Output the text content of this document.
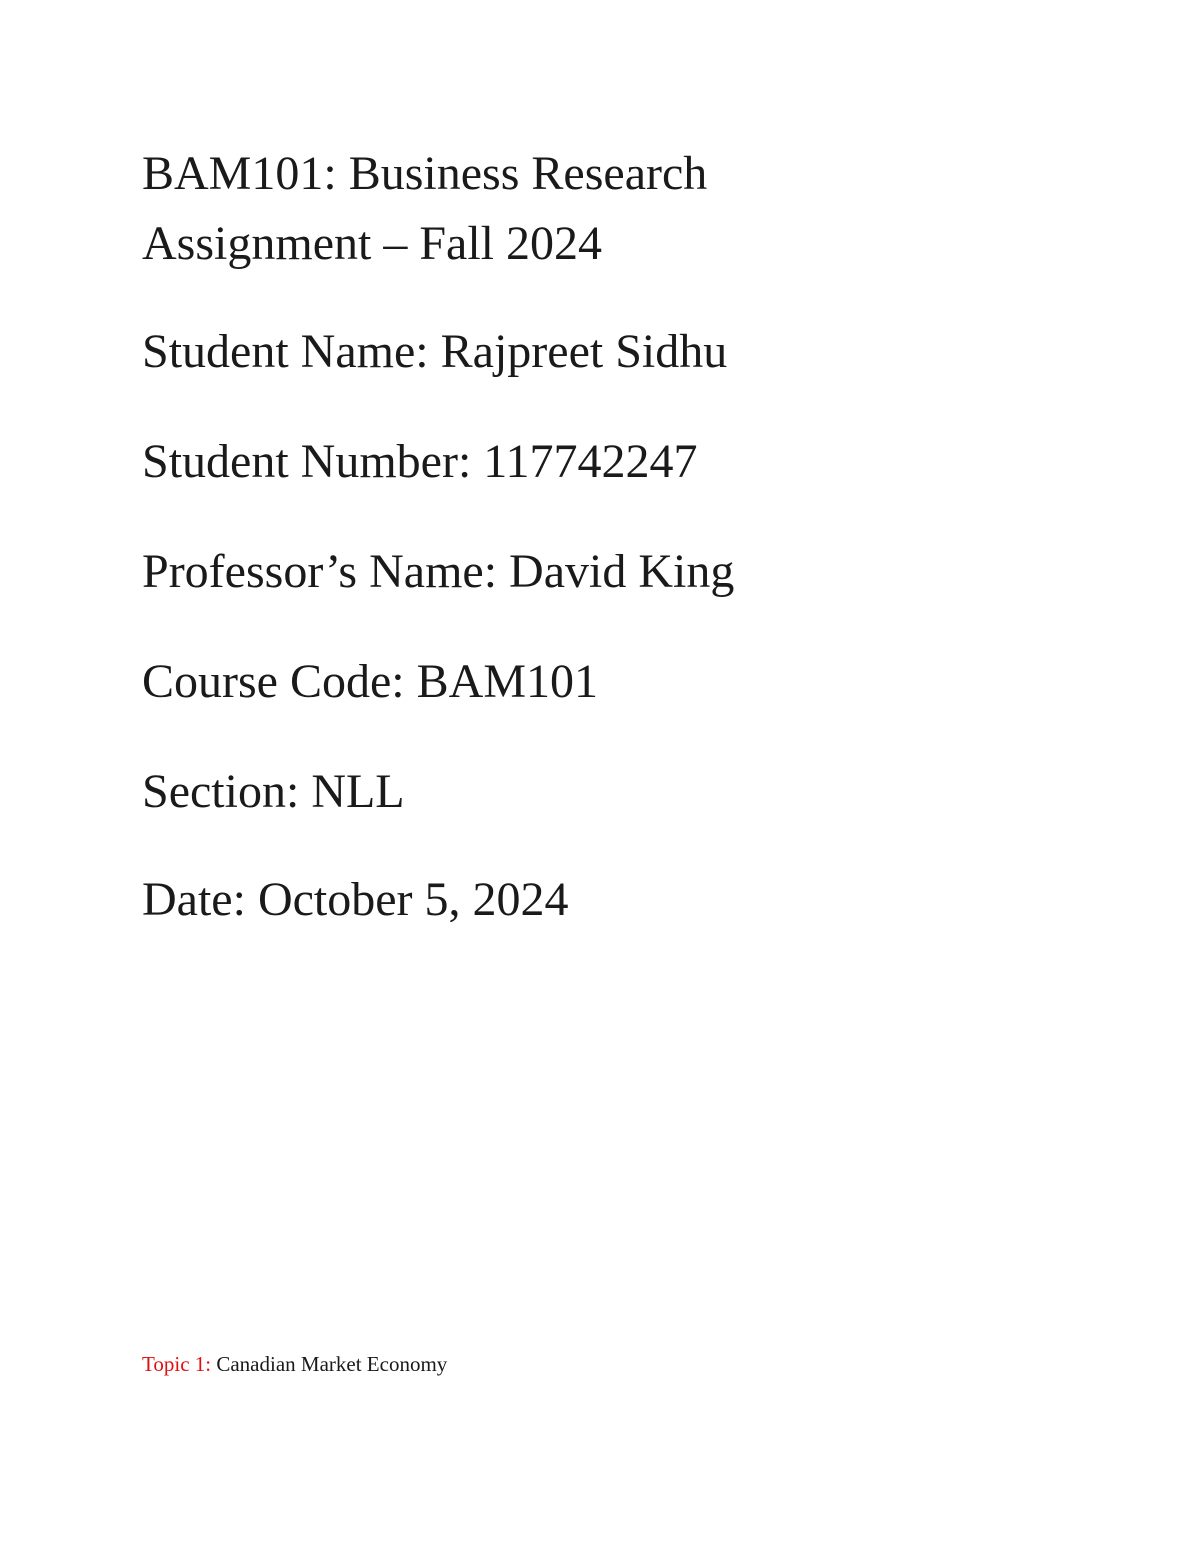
BAM101: Business Research
Assignment – Fall 2024

Student Name: Rajpreet Sidhu

Student Number: 117742247

Professor’s Name: David King

Course Code: BAM101

Section: NLL

Date: October 5, 2024

Topic 1: Canadian Market Economy
